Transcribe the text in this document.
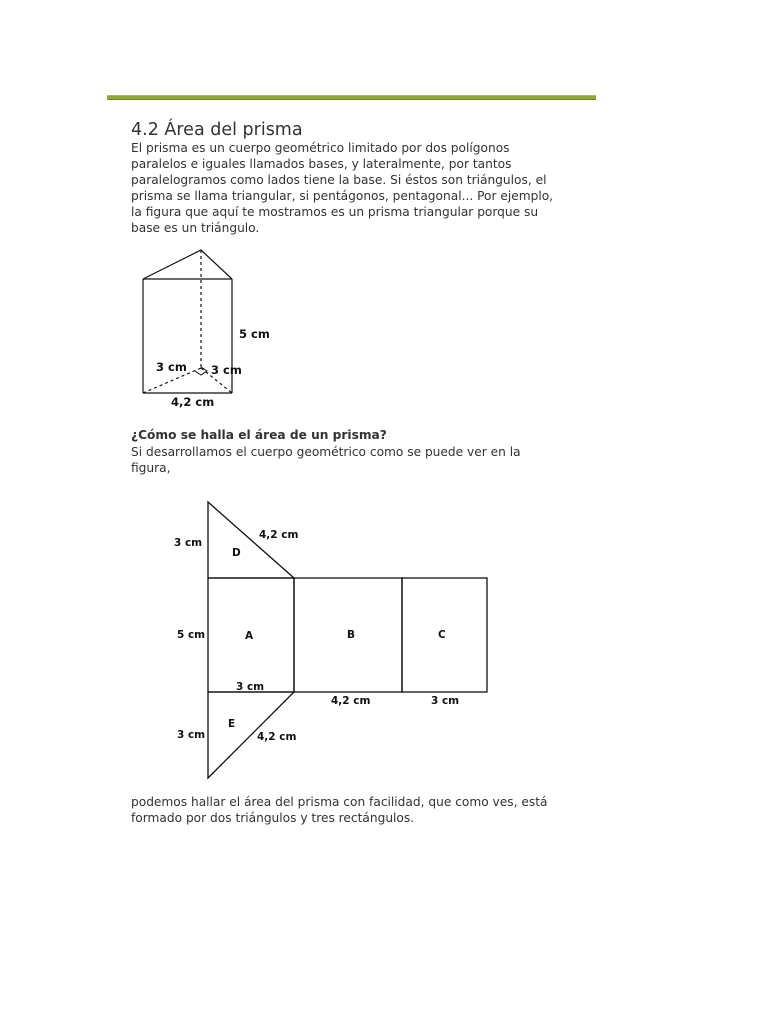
4.2 Área del prisma

El prisma es un cuerpo geométrico limitado por dos polígonos
paralelos e iguales llamados bases, y lateralmente, por tantos
paralelogramos como lados tiene la base. Si éstos son triángulos, el
prisma se llama triangular, si pentágonos, pentagonal... Por ejemplo,
la figura que aquí te mostramos es un prisma triangular porque su
base es un triángulo.

5 cm
3 cm 3 cm
4,2 cm
¿Cómo se halla el área de un prisma?

Si desarrollamos el cuerpo geométrico como se puede ver en la
figura,

D
A	B	C
E
3 cm
4,2 cm
5 cm
3 cm
4,2 cm	3 cm
3 cm	4,2 cm

podemos hallar el área del prisma con facilidad, que como ves, está
formado por dos triángulos y tres rectángulos.
